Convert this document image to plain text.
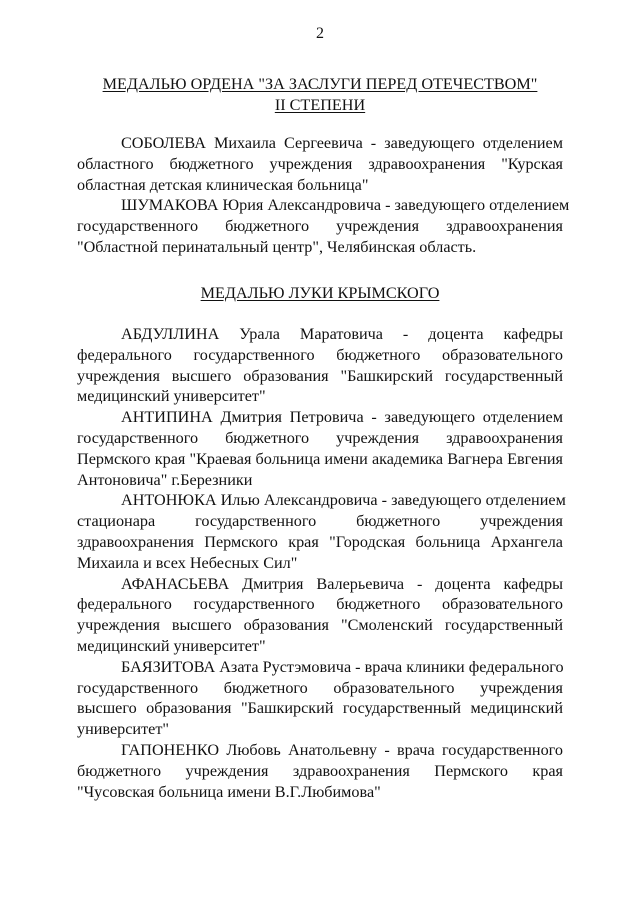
2
МЕДАЛЬЮ ОРДЕНА "ЗА ЗАСЛУГИ ПЕРЕД ОТЕЧЕСТВОМ"
II СТЕПЕНИ
СОБОЛЕВА Михаила Сергеевича - заведующего отделением
областного бюджетного учреждения здравоохранения "Курская
областная детская клиническая больница"
ШУМАКОВА Юрия Александровича - заведующего отделением
государственного бюджетного учреждения здравоохранения
"Областной перинатальный центр", Челябинская область.
МЕДАЛЬЮ ЛУКИ КРЫМСКОГО
АБДУЛЛИНА Урала Маратовича - доцента кафедры
федерального государственного бюджетного образовательного
учреждения высшего образования "Башкирский государственный
медицинский университет"
АНТИПИНА Дмитрия Петровича - заведующего отделением
государственного бюджетного учреждения здравоохранения
Пермского края "Краевая больница имени академика Вагнера Евгения
Антоновича" г.Березники
АНТОНЮКА Илью Александровича - заведующего отделением
стационара государственного бюджетного учреждения
здравоохранения Пермского края "Городская больница Архангела
Михаила и всех Небесных Сил"
АФАНАСЬЕВА Дмитрия Валерьевича - доцента кафедры
федерального государственного бюджетного образовательного
учреждения высшего образования "Смоленский государственный
медицинский университет"
БАЯЗИТОВА Азата Рустэмовича - врача клиники федерального
государственного бюджетного образовательного учреждения
высшего образования "Башкирский государственный медицинский
университет"
ГАПОНЕНКО Любовь Анатольевну - врача государственного
бюджетного учреждения здравоохранения Пермского края
"Чусовская больница имени В.Г.Любимова"
